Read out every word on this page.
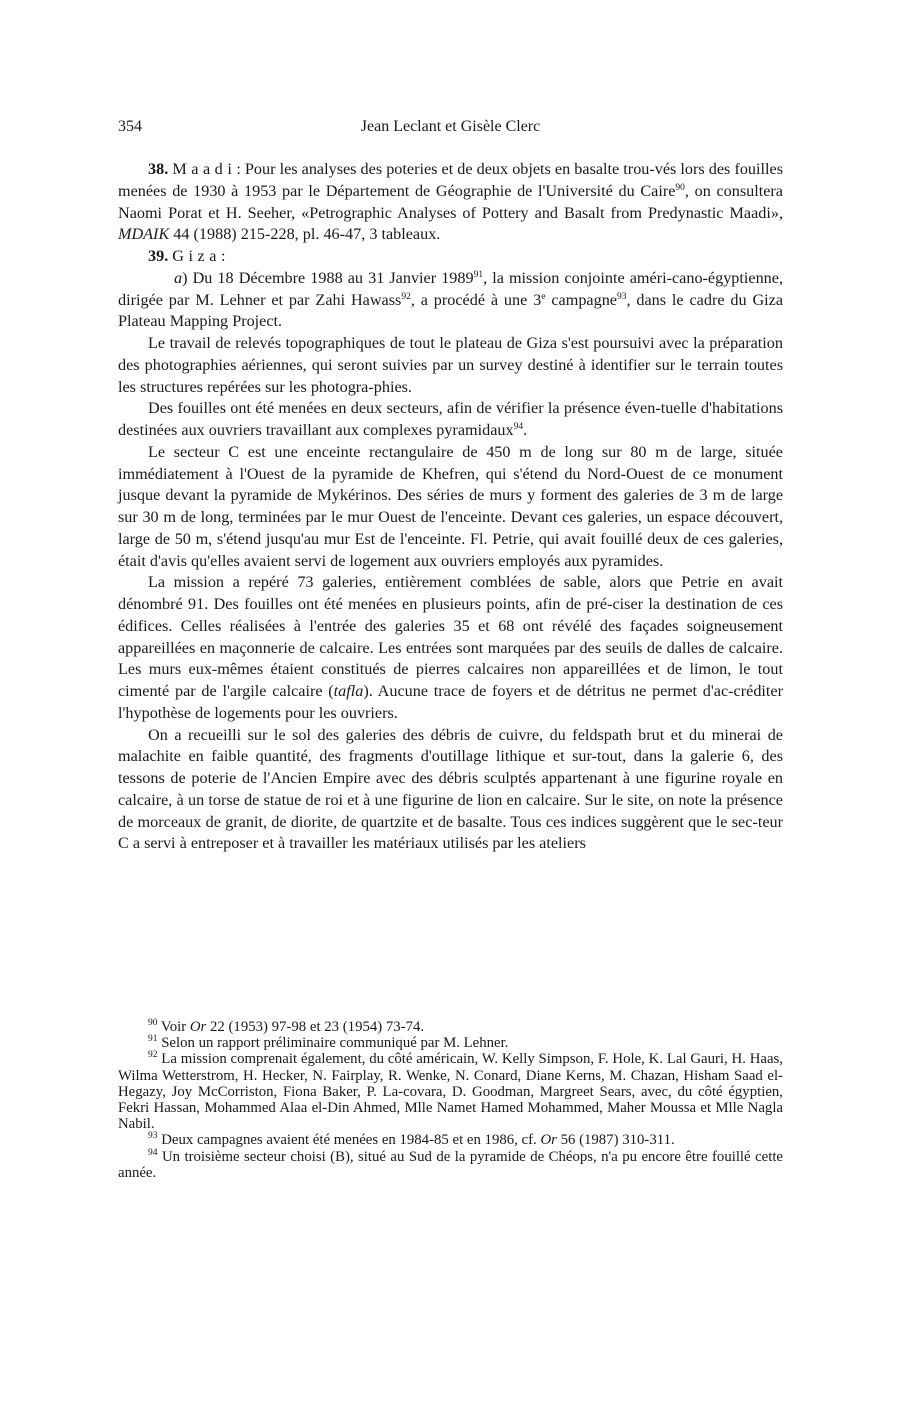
354	Jean Leclant et Gisèle Clerc

38. Maadi: Pour les analyses des poteries et de deux objets en basalte trou-vés lors des fouilles menées de 1930 à 1953 par le Département de Géographie de l'Université du Caire$^{90}$, on consultera Naomi Porat et H. Seeher, «Petrographic Analyses of Pottery and Basalt from Predynastic Maadi», MDAIK 44 (1988) 215-228, pl. 46-47, 3 tableaux.

39. Giza:

a) Du 18 Décembre 1988 au 31 Janvier 1989$^{91}$, la mission conjointe améri-cano-égyptienne, dirigée par M. Lehner et par Zahi Hawass$^{92}$, a procédé à une 3e campagne$^{93}$, dans le cadre du Giza Plateau Mapping Project.

Le travail de relevés topographiques de tout le plateau de Giza s'est poursuivi avec la préparation des photographies aériennes, qui seront suivies par un survey destiné à identifier sur le terrain toutes les structures repérées sur les photogra-phies.

Des fouilles ont été menées en deux secteurs, afin de vérifier la présence éven-tuelle d'habitations destinées aux ouvriers travaillant aux complexes pyramidaux$^{94}$.

Le secteur C est une enceinte rectangulaire de 450 m de long sur 80 m de large, située immédiatement à l'Ouest de la pyramide de Khefren, qui s'étend du Nord-Ouest de ce monument jusque devant la pyramide de Mykérinos. Des séries de murs y forment des galeries de 3 m de large sur 30 m de long, terminées par le mur Ouest de l'enceinte. Devant ces galeries, un espace découvert, large de 50 m, s'étend jusqu'au mur Est de l'enceinte. Fl. Petrie, qui avait fouillé deux de ces galeries, était d'avis qu'elles avaient servi de logement aux ouvriers employés aux pyramides.

La mission a repéré 73 galeries, entièrement comblées de sable, alors que Petrie en avait dénombré 91. Des fouilles ont été menées en plusieurs points, afin de pré-ciser la destination de ces édifices. Celles réalisées à l'entrée des galeries 35 et 68 ont révélé des façades soigneusement appareillées en maçonnerie de calcaire. Les entrées sont marquées par des seuils de dalles de calcaire. Les murs eux-mêmes étaient constitués de pierres calcaires non appareillées et de limon, le tout cimenté par de l'argile calcaire (tafla). Aucune trace de foyers et de détritus ne permet d'ac-créditer l'hypothèse de logements pour les ouvriers.

On a recueilli sur le sol des galeries des débris de cuivre, du feldspath brut et du minerai de malachite en faible quantité, des fragments d'outillage lithique et sur-tout, dans la galerie 6, des tessons de poterie de l'Ancien Empire avec des débris sculptés appartenant à une figurine royale en calcaire, à un torse de statue de roi et à une figurine de lion en calcaire. Sur le site, on note la présence de morceaux de granit, de diorite, de quartzite et de basalte. Tous ces indices suggèrent que le sec-teur C a servi à entreposer et à travailler les matériaux utilisés par les ateliers

$^{90}$ Voir Or 22 (1953) 97-98 et 23 (1954) 73-74.

$^{91}$ Selon un rapport préliminaire communiqué par M. Lehner.

$^{92}$ La mission comprenait également, du côté américain, W. Kelly Simpson, F. Hole, K. Lal Gauri, H. Haas, Wilma Wetterstrom, H. Hecker, N. Fairplay, R. Wenke, N. Conard, Diane Kerns, M. Chazan, Hisham Saad el-Hegazy, Joy McCorriston, Fiona Baker, P. La-covara, D. Goodman, Margreet Sears, avec, du côté égyptien, Fekri Hassan, Mohammed Alaa el-Din Ahmed, Mlle Namet Hamed Mohammed, Maher Moussa et Mlle Nagla Nabil.

$^{93}$ Deux campagnes avaient été menées en 1984-85 et en 1986, cf. Or 56 (1987) 310-311.

$^{94}$ Un troisième secteur choisi (B), situé au Sud de la pyramide de Chéops, n'a pu encore être fouillé cette année.
